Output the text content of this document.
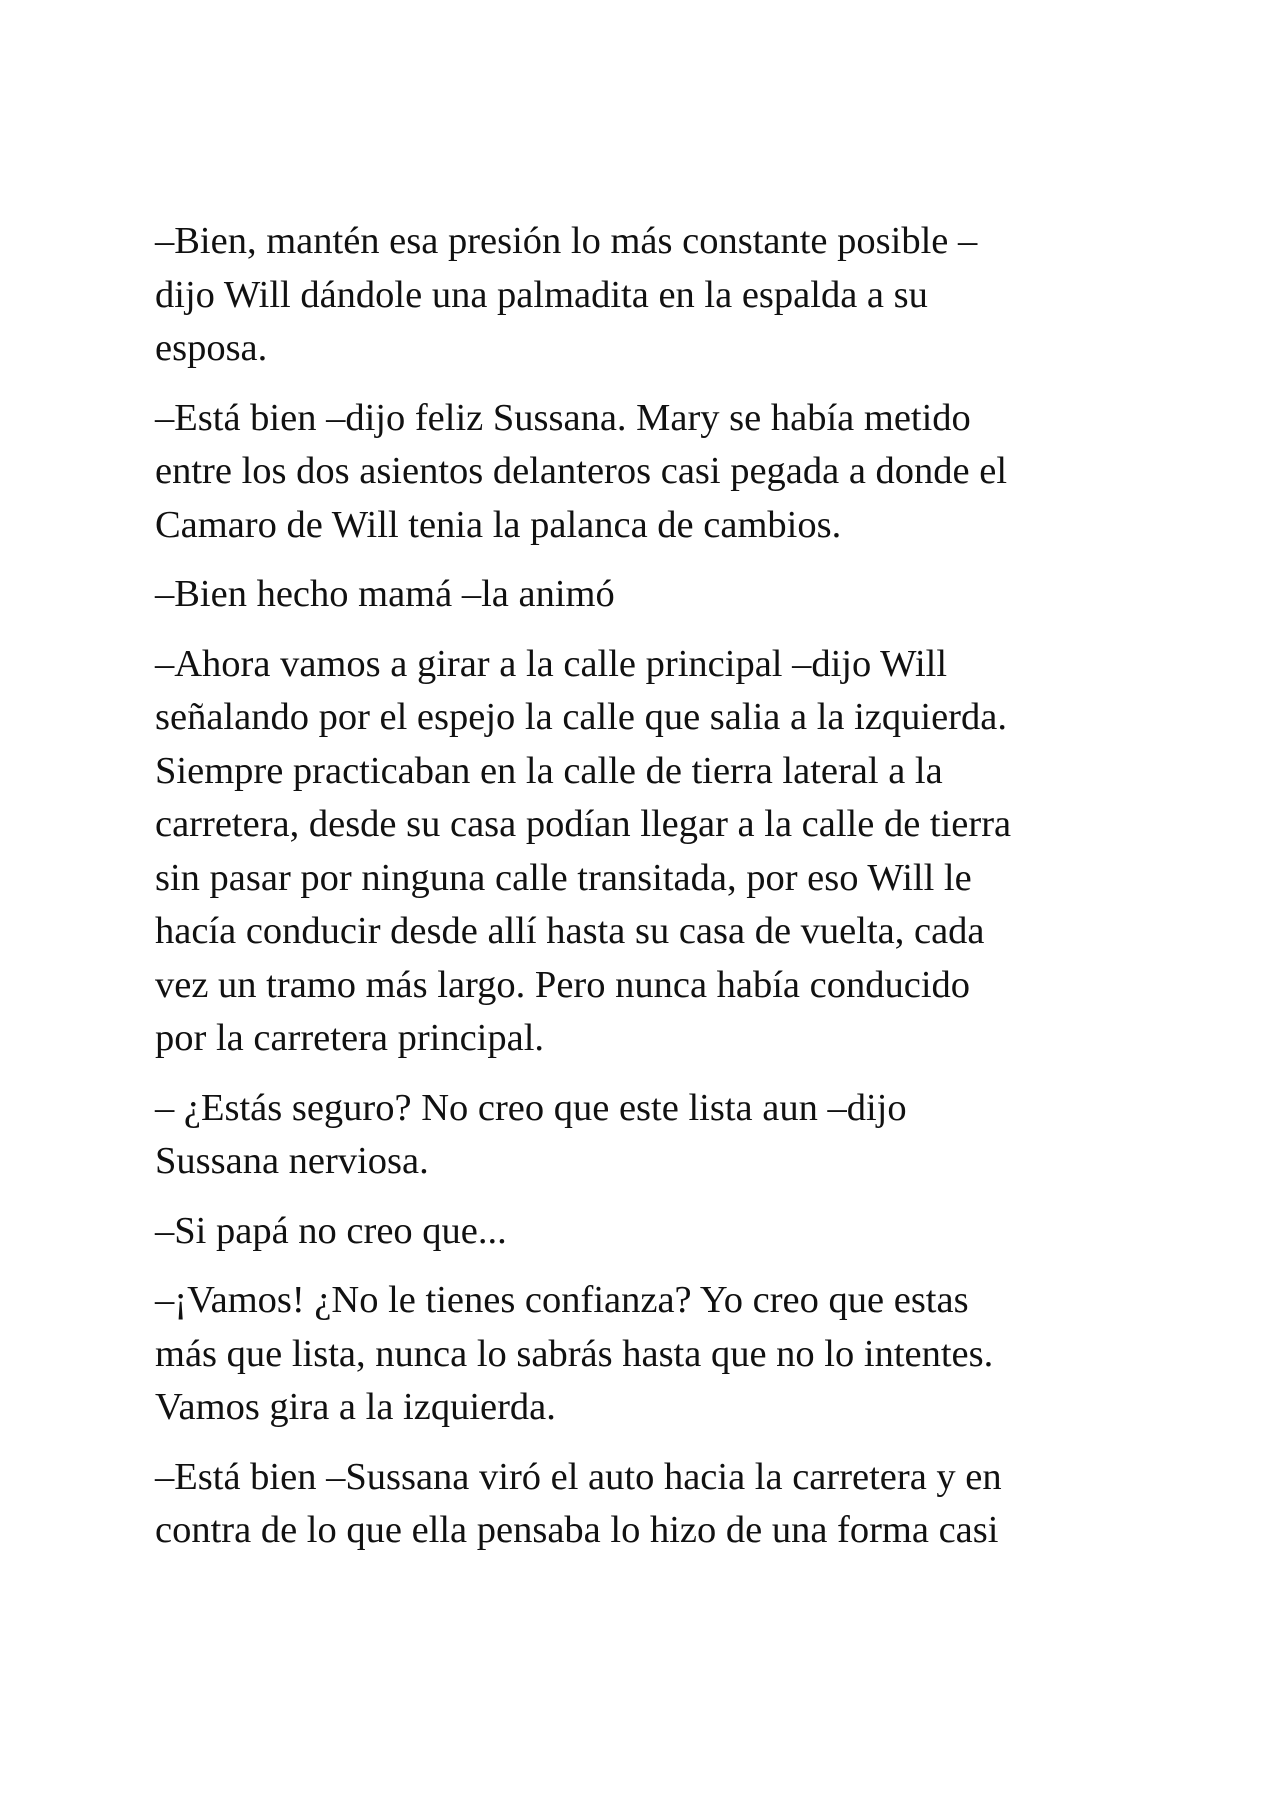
–Bien, mantén esa presión lo más constante posible –
dijo Will dándole una palmadita en la espalda a su
esposa.

–Está bien –dijo feliz Sussana. Mary se había metido
entre los dos asientos delanteros casi pegada a donde el
Camaro de Will tenia la palanca de cambios.

–Bien hecho mamá –la animó

–Ahora vamos a girar a la calle principal –dijo Will
señalando por el espejo la calle que salia a la izquierda.
Siempre practicaban en la calle de tierra lateral a la
carretera, desde su casa podían llegar a la calle de tierra
sin pasar por ninguna calle transitada, por eso Will le
hacía conducir desde allí hasta su casa de vuelta, cada
vez un tramo más largo. Pero nunca había conducido
por la carretera principal.

– ¿Estás seguro? No creo que este lista aun –dijo
Sussana nerviosa.

–Si papá no creo que...

–¡Vamos! ¿No le tienes confianza? Yo creo que estas
más que lista, nunca lo sabrás hasta que no lo intentes.
Vamos gira a la izquierda.

–Está bien –Sussana viró el auto hacia la carretera y en
contra de lo que ella pensaba lo hizo de una forma casi
